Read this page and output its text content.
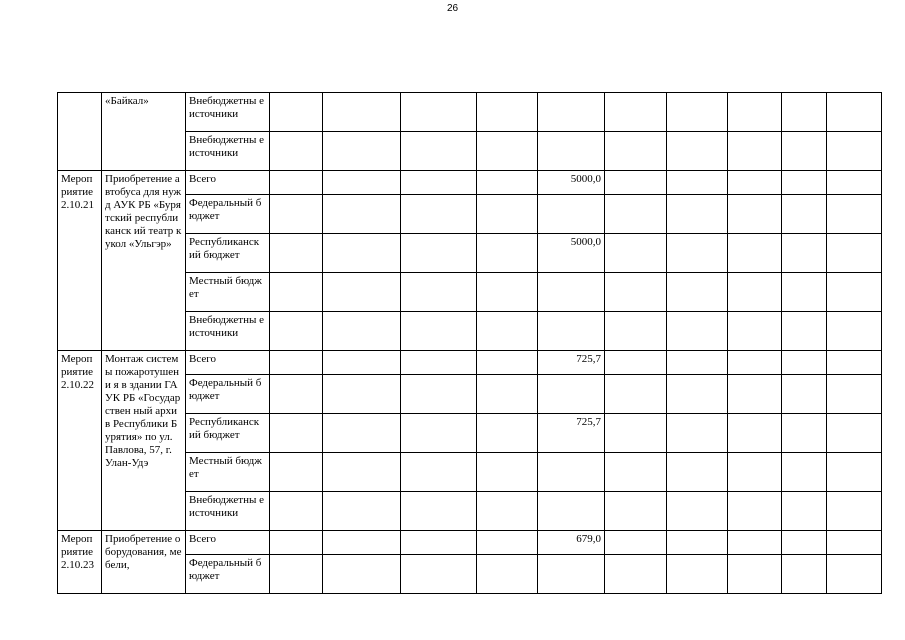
26
	«Байкал»	Внебюджетны е источники										
		Внебюджетны е источники										
Мероп риятие 2.10.21	Приобретение автобуса для нужд АУК РБ «Бурятский республиканск ий театр кукол «Ульгэр»	Всего					5000,0					
		Федеральный бюджет										
		Республиканск ий бюджет					5000,0					
		Местный бюджет										
		Внебюджетны е источники										
Мероп риятие 2.10.22	Монтаж системы пожаротушени я в здании ГАУК РБ «Государствен ный архив Республики Бурятия» по ул. Павлова, 57, г. Улан-Удэ	Всего					725,7					
		Федеральный бюджет										
		Республиканск ий бюджет					725,7					
		Местный бюджет										
		Внебюджетны е источники										
Мероп риятие 2.10.23	Приобретение оборудования, мебели,	Всего					679,0					
		Федеральный бюджет										
